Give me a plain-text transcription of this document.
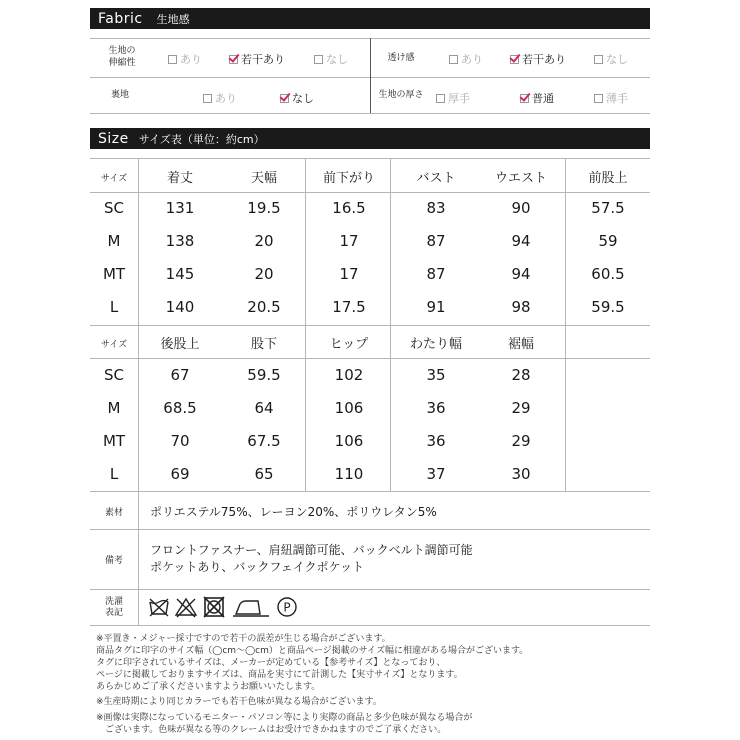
Fabric 生地感
生地の
伸縮性	あり	若干あり	なし	透け感	あり	若干あり	なし
裏地	あり	なし	生地の厚さ	厚手	普通	薄手
Size サイズ表（単位：約cm）
サイズ	着丈	天幅	前下がり	バスト	ウエスト	前股上
SC	131	19.5	16.5	83	90	57.5
M	138	20	17	87	94	59
MT	145	20	17	87	94	60.5
L	140	20.5	17.5	91	98	59.5
サイズ	後股上	股下	ヒップ	わたり幅	裾幅
SC	67	59.5	102	35	28
M	68.5	64	106	36	29
MT	70	67.5	106	36	29
L	69	65	110	37	30
素材	ポリエステル75%、レーヨン20%、ポリウレタン5%
備考
フロントファスナー、肩紐調節可能、バックベルト調節可能
ポケットあり、バックフェイクポケット
洗濯
表記	P
※平置き・メジャー採寸ですので若干の誤差が生じる場合がございます。
商品タグに印字のサイズ幅（◯cm〜◯cm）と商品ページ掲載のサイズ幅に相違がある場合がございます。
タグに印字されているサイズは、メーカーが定めている【参考サイズ】となっており、
ページに掲載しておりますサイズは、商品を実寸にて計測した【実寸サイズ】となります。
あらかじめご了承くださいますようお願いいたします。
※生産時期により同じカラーでも若干色味が異なる場合がございます。
※画像は実際になっているモニター・パソコン等により実際の商品と多少色味が異なる場合が
　ございます。色味が異なる等のクレームはお受けできかねますのでご了承ください。
